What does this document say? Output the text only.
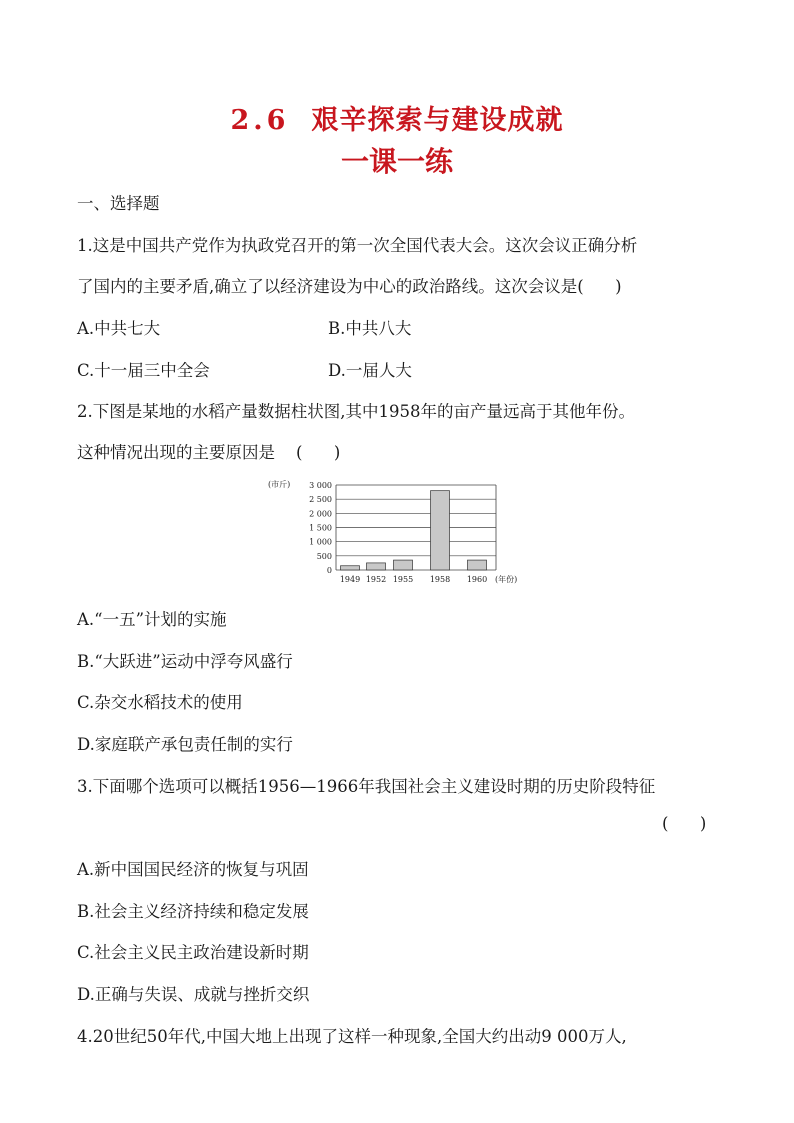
2.6 艰辛探索与建设成就
一课一练
一、选择题
1.这是中国共产党作为执政党召开的第一次全国代表大会。这次会议正确分析
了国内的主要矛盾,确立了以经济建设为中心的政治路线。这次会议是(      )
A.中共七大	B.中共八大
C.十一届三中全会	D.一届人大
2.下图是某地的水稻产量数据柱状图,其中1958年的亩产量远高于其他年份。
这种情况出现的主要原因是    (      )
0
500
1 000
1 500
2 000
2 500
3 000
1949 1952 1955 1958 1960
(市斤)
(年份)
A.“一五”计划的实施
B.“大跃进”运动中浮夸风盛行
C.杂交水稻技术的使用
D.家庭联产承包责任制的实行
3.下面哪个选项可以概括1956—1966年我国社会主义建设时期的历史阶段特征
(      )
A.新中国国民经济的恢复与巩固
B.社会主义经济持续和稳定发展
C.社会主义民主政治建设新时期
D.正确与失误、成就与挫折交织
4.20世纪50年代,中国大地上出现了这样一种现象,全国大约出动9 000万人,
